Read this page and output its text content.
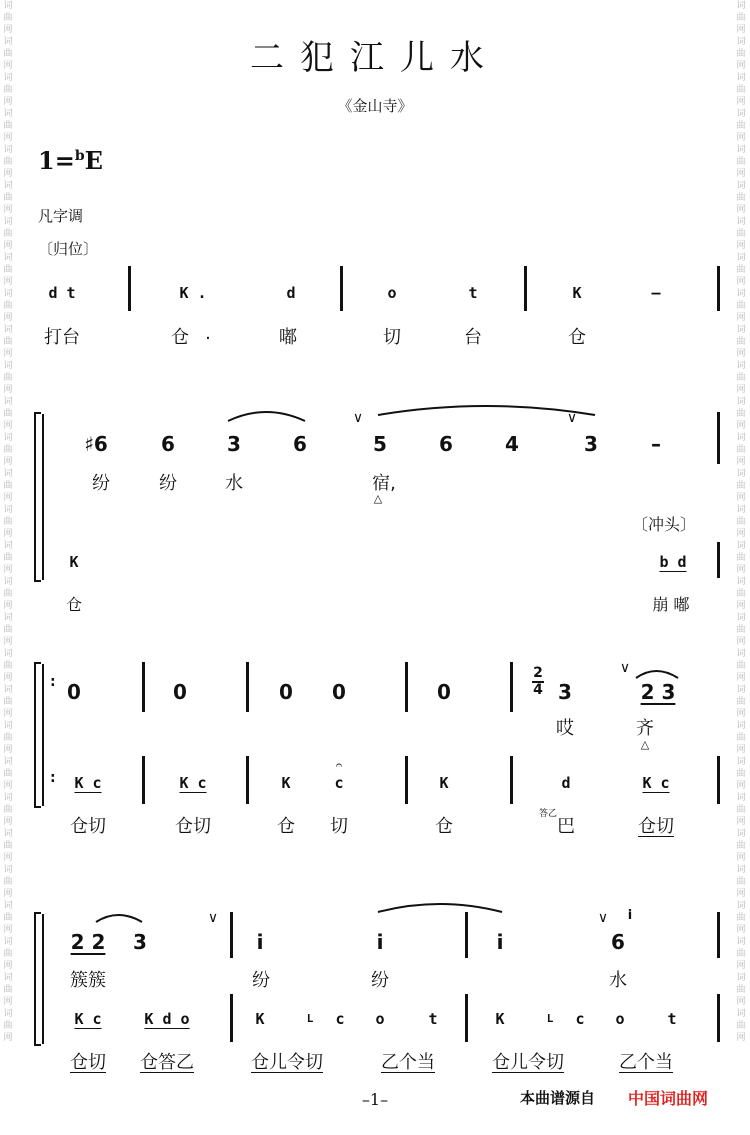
词曲网词曲网词曲网词曲网词曲网词曲网词曲网词曲网词曲网词曲网词曲网词曲网词曲网词曲网词曲网词曲网词曲网词曲网词曲网词曲网词曲网词曲网词曲网词曲网词曲网词曲网词曲网词曲网词曲网
词曲网词曲网词曲网词曲网词曲网词曲网词曲网词曲网词曲网词曲网词曲网词曲网词曲网词曲网词曲网词曲网词曲网词曲网词曲网词曲网词曲网词曲网词曲网词曲网词曲网词曲网词曲网词曲网词曲网
二犯江儿水
《金山寺》
1=$^b$E
凡字调
〔归位〕
d t	K .	d	o	t	K	–
打台	仓 .	嘟	切	台	仓
∨	∨
♯6	6	3	6	5	6	4	3	–
纷	纷	水	宿,
△
〔冲头〕
K	b d
仓	崩 嘟
:
:
0	0	0 0	0
2
4 3
∨
2 3
哎	齐
△
𝄐
K c	K c	K	c	K	d	K c
仓切	仓切	仓 切	仓
答乙
巴	仓切
∨	∨
2 2 3	i	i	i	6
i
簇簇	纷	纷	水
K c	K d o	K	L c o	t	K	L c o	t
仓切 仓答乙	仓儿令切	乙个当	仓儿令切	乙个当
–1–	本曲谱源自 中国词曲网
